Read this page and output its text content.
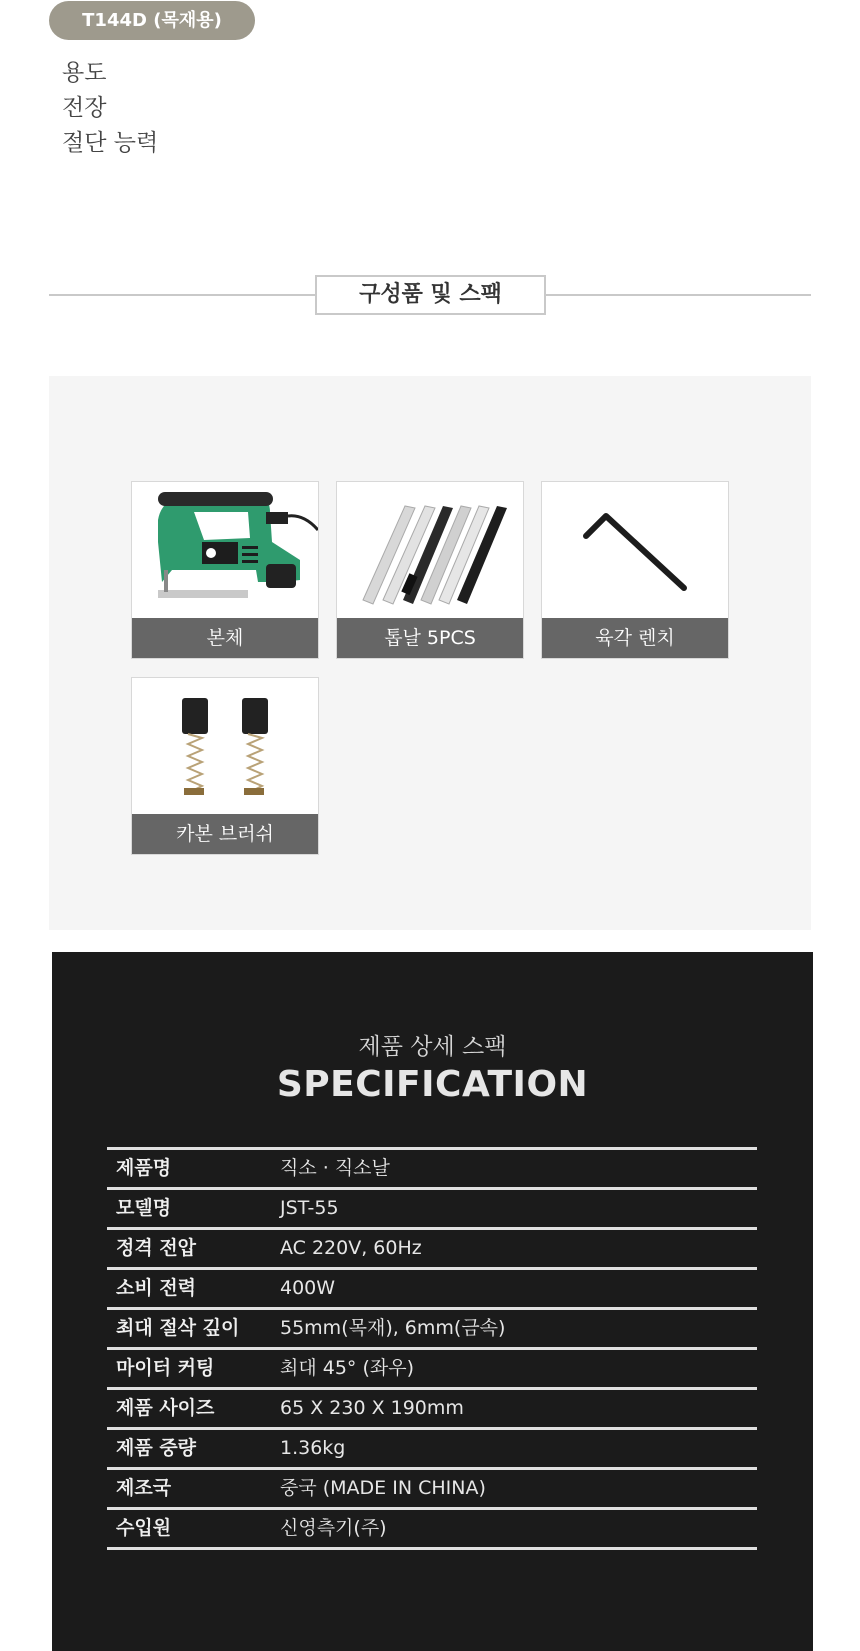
T144D (목재용)
용도
전장
절단 능력
구성품 및 스팩
본체	톱날 5PCS	육각 렌치
카본 브러쉬
제품 상세 스팩
SPECIFICATION
제품명	직소 · 직소날
모델명	JST-55
정격 전압	AC 220V, 60Hz
소비 전력	400W
최대 절삭 깊이 55mm(목재), 6mm(금속)
마이터 커팅	최대 45° (좌우)
제품 사이즈	65 X 230 X 190mm
제품 중량	1.36kg
제조국	중국 (MADE IN CHINA)
수입원	신영측기(주)
